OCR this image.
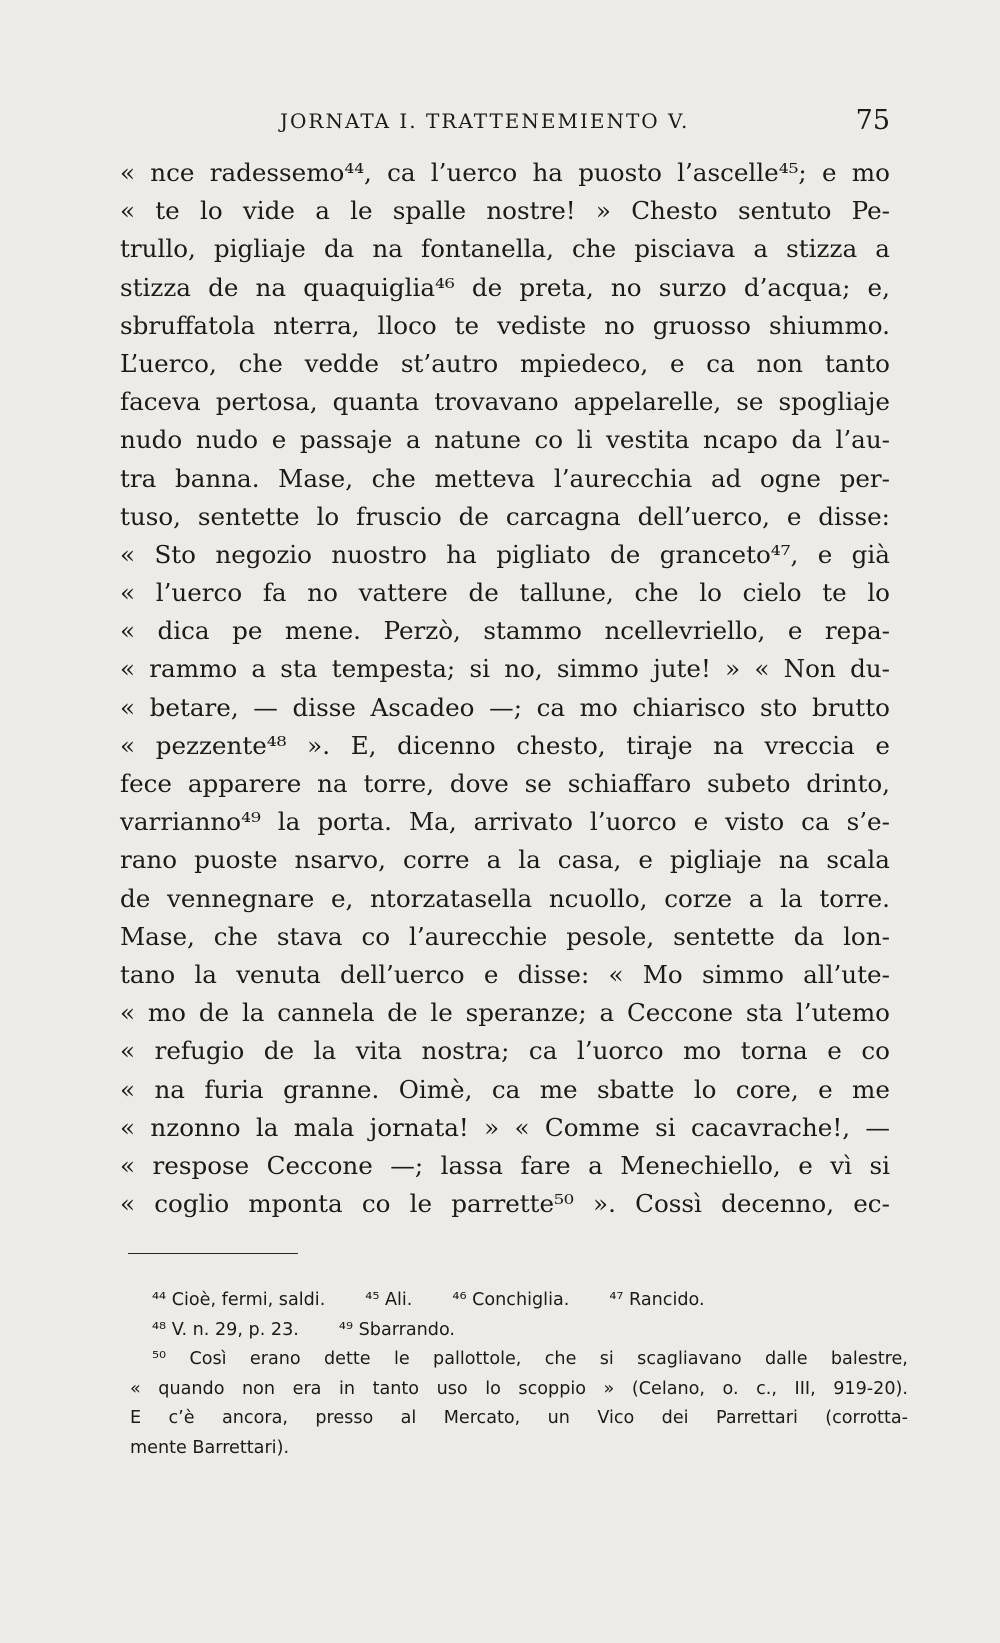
JORNATA I. TRATTENEMIENTO V.	75
« nce radessemo⁴⁴, ca l’uerco ha puosto l’ascelle⁴⁵; e mo
« te lo vide a le spalle nostre! » Chesto sentuto Pe-
trullo, pigliaje da na fontanella, che pisciava a stizza a
stizza de na quaquiglia⁴⁶ de preta, no surzo d’acqua; e,
sbruffatola nterra, lloco te vediste no gruosso shiummo.
L’uerco, che vedde st’autro mpiedeco, e ca non tanto
faceva pertosa, quanta trovavano appelarelle, se spogliaje
nudo nudo e passaje a natune co li vestita ncapo da l’au-
tra banna. Mase, che metteva l’aurecchia ad ogne per-
tuso, sentette lo fruscio de carcagna dell’uerco, e disse:
« Sto negozio nuostro ha pigliato de granceto⁴⁷, e già
« l’uerco fa no vattere de tallune, che lo cielo te lo
« dica pe mene. Perzò, stammo ncellevriello, e repa-
« rammo a sta tempesta; si no, simmo jute! » « Non du-
« betare, — disse Ascadeo —; ca mo chiarisco sto brutto
« pezzente⁴⁸ ». E, dicenno chesto, tiraje na vreccia e
fece apparere na torre, dove se schiaffaro subeto drinto,
varrianno⁴⁹ la porta. Ma, arrivato l’uorco e visto ca s’e-
rano puoste nsarvo, corre a la casa, e pigliaje na scala
de vennegnare e, ntorzatasella ncuollo, corze a la torre.
Mase, che stava co l’aurecchie pesole, sentette da lon-
tano la venuta dell’uerco e disse: « Mo simmo all’ute-
« mo de la cannela de le speranze; a Ceccone sta l’utemo
« refugio de la vita nostra; ca l’uorco mo torna e co
« na furia granne. Oimè, ca me sbatte lo core, e me
« nzonno la mala jornata! » « Comme si cacavrache!, —
« respose Ceccone —; lassa fare a Menechiello, e vì si
« coglio mponta co le parrette⁵⁰ ». Cossì decenno, ec-
⁴⁴ Cioè, fermi, saldi. ⁴⁵ Ali. ⁴⁶ Conchiglia. ⁴⁷ Rancido.
⁴⁸ V. n. 29, p. 23. ⁴⁹ Sbarrando.
⁵⁰ Così erano dette le pallottole, che si scagliavano dalle balestre,
« quando non era in tanto uso lo scoppio » (Celano, o. c., III, 919-20).
E c’è ancora, presso al Mercato, un Vico dei Parrettari (corrotta-
mente Barrettari).
